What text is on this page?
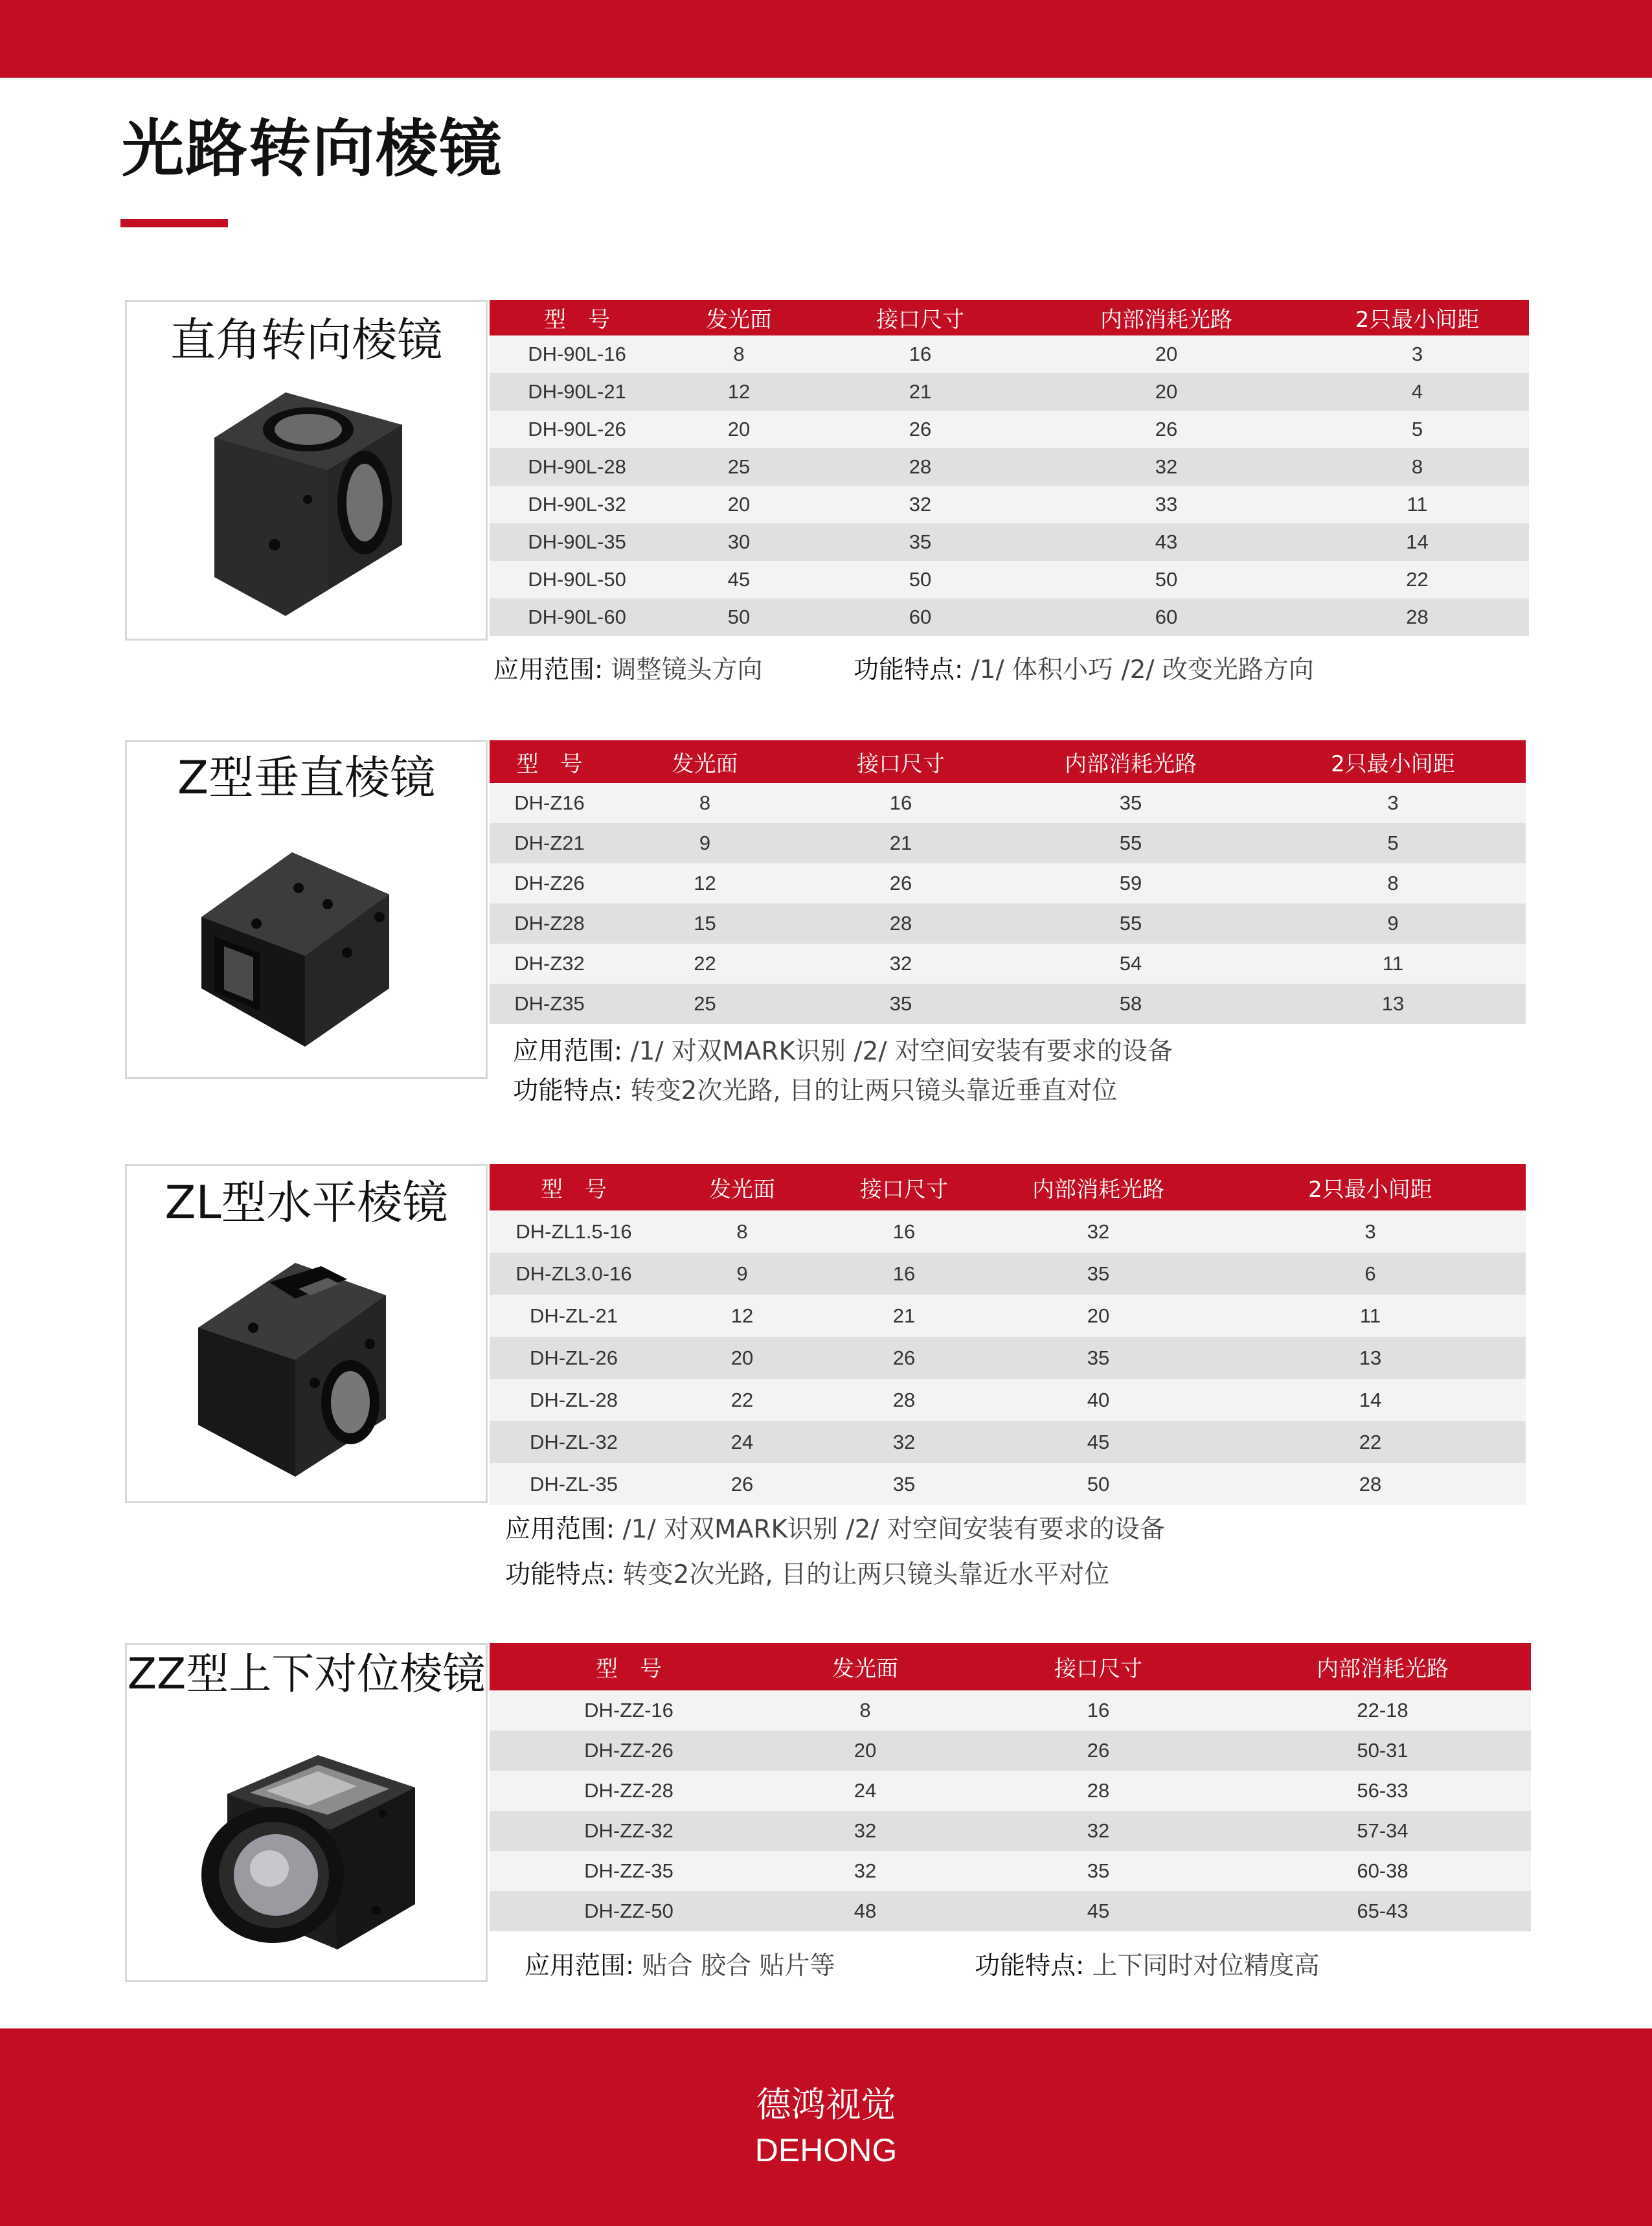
光路转向棱镜
直角转向棱镜	型　号	发光面	接口尺寸	内部消耗光路	2只最小间距
DH-90L-16	8	16	20	3
DH-90L-21	12	21	20	4
DH-90L-26	20	26	26	5
DH-90L-28	25	28	32	8
DH-90L-32	20	32	33	11
DH-90L-35	30	35	43	14
DH-90L-50	45	50	50	22
DH-90L-60	50	60	60	28
应用范围: 调整镜头方向	功能特点: /1/ 体积小巧 /2/ 改变光路方向
Z型垂直棱镜	型　号	发光面	接口尺寸	内部消耗光路	2只最小间距
DH-Z16	8	16	35	3
DH-Z21	9	21	55	5
DH-Z26	12	26	59	8
DH-Z28	15	28	55	9
DH-Z32	22	32	54	11
DH-Z35	25	35	58	13
应用范围: /1/ 对双MARK识别 /2/ 对空间安装有要求的设备
功能特点: 转变2次光路, 目的让两只镜头靠近垂直对位
ZL型水平棱镜	型　号	发光面	接口尺寸	内部消耗光路	2只最小间距
DH-ZL1.5-16	8	16	32	3
DH-ZL3.0-16	9	16	35	6
DH-ZL-21	12	21	20	11
DH-ZL-26	20	26	35	13
DH-ZL-28	22	28	40	14
DH-ZL-32	24	32	45	22
DH-ZL-35	26	35	50	28
应用范围: /1/ 对双MARK识别 /2/ 对空间安装有要求的设备
功能特点: 转变2次光路, 目的让两只镜头靠近水平对位
ZZ型上下对位棱镜	型　号	发光面	接口尺寸	内部消耗光路
DH-ZZ-16	8	16	22-18
DH-ZZ-26	20	26	50-31
DH-ZZ-28	24	28	56-33
DH-ZZ-32	32	32	57-34
DH-ZZ-35	32	35	60-38
DH-ZZ-50	48	45	65-43
应用范围: 贴合 胶合 贴片等	功能特点: 上下同时对位精度高
德鸿视觉
DEHONG
